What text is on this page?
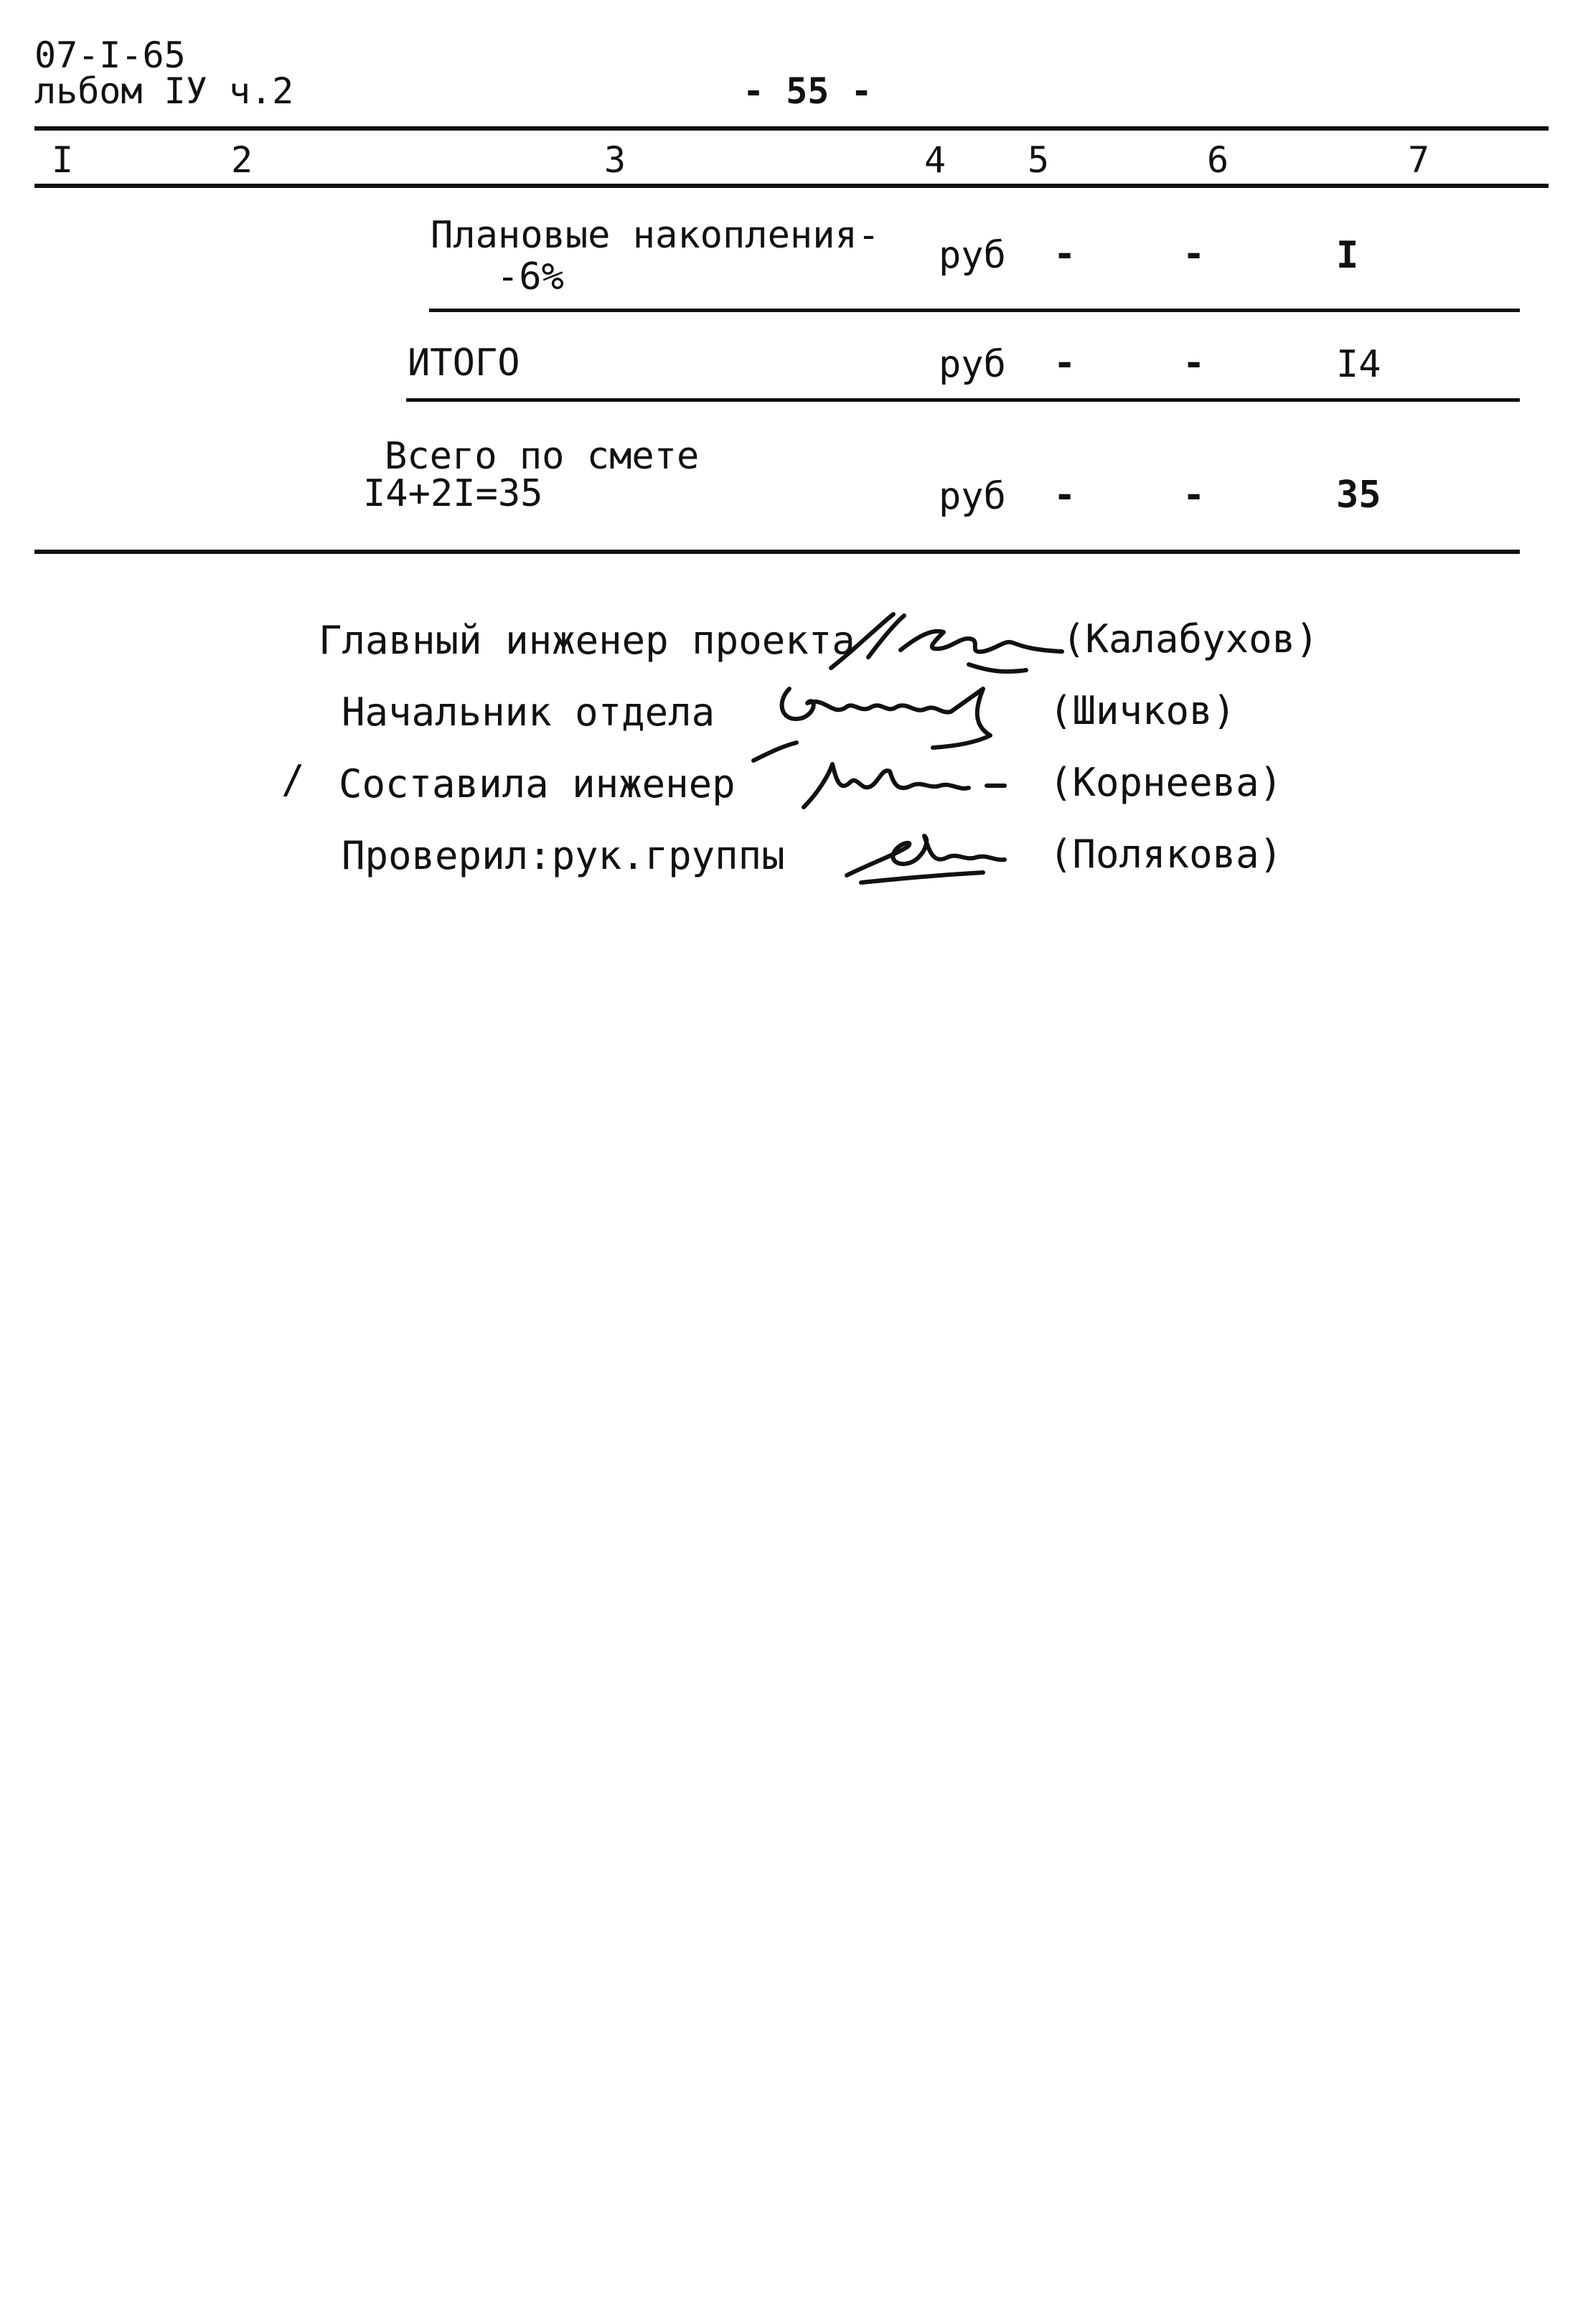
07-I-65
льбом IУ ч.2	- 55 -
I	2	3	4 5	6	7
Плановые накопления-
-6%	руб -	-	I
ИТОГО	руб -	-	I4
Всего по смете
I4+2I=35	руб -	-	35
Главный инженер проекта	(Калабухов)
Начальник отдела	(Шичков)
/ Составила инженер	(Корнеева)
Проверил:рук.группы	(Полякова)
